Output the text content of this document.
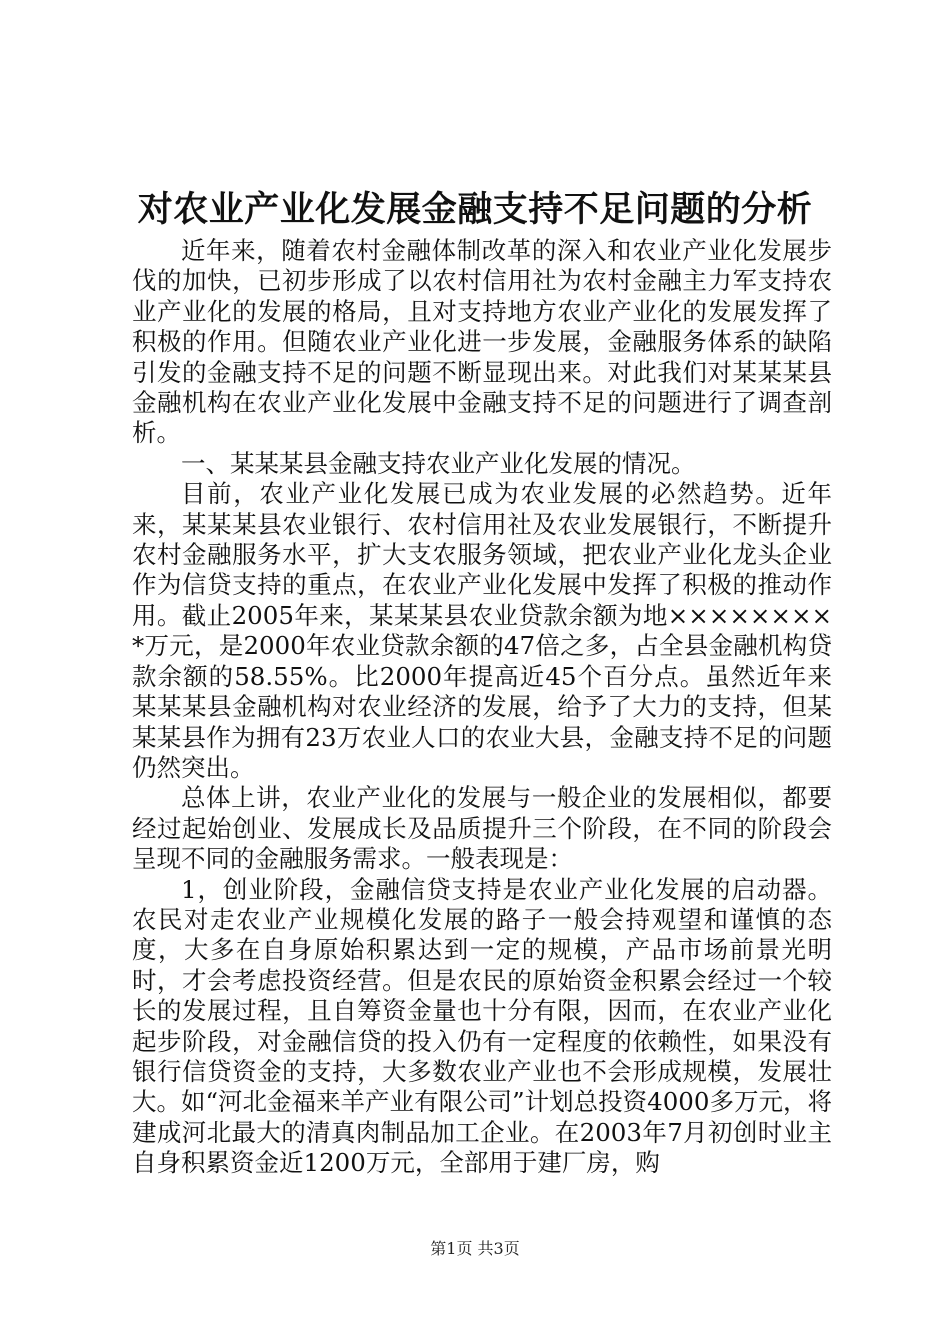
对农业产业化发展金融支持不足问题的分析

近年来，随着农村金融体制改革的深入和农业产业化发展步伐的加快，已初步形成了以农村信用社为农村金融主力军支持农业产业化的发展的格局，且对支持地方农业产业化的发展发挥了积极的作用。但随农业产业化进一步发展，金融服务体系的缺陷引发的金融支持不足的问题不断显现出来。对此我们对某某某县金融机构在农业产业化发展中金融支持不足的问题进行了调查剖析。

一、某某某县金融支持农业产业化发展的情况。

目前，农业产业化发展已成为农业发展的必然趋势。近年来，某某某县农业银行、农村信用社及农业发展银行，不断提升农村金融服务水平，扩大支农服务领域，把农业产业化龙头企业作为信贷支持的重点，在农业产业化发展中发挥了积极的推动作用。截止2005年来，某某某县农业贷款余额为地××××××××*万元，是2000年农业贷款余额的47倍之多，占全县金融机构贷款余额的58.55%。比2000年提高近45个百分点。虽然近年来某某某县金融机构对农业经济的发展，给予了大力的支持，但某某某县作为拥有23万农业人口的农业大县，金融支持不足的问题仍然突出。

总体上讲，农业产业化的发展与一般企业的发展相似，都要经过起始创业、发展成长及品质提升三个阶段，在不同的阶段会呈现不同的金融服务需求。一般表现是：

1，创业阶段，金融信贷支持是农业产业化发展的启动器。农民对走农业产业规模化发展的路子一般会持观望和谨慎的态度，大多在自身原始积累达到一定的规模，产品市场前景光明时，才会考虑投资经营。但是农民的原始资金积累会经过一个较长的发展过程，且自筹资金量也十分有限，因而，在农业产业化起步阶段，对金融信贷的投入仍有一定程度的依赖性，如果没有银行信贷资金的支持，大多数农业产业也不会形成规模，发展壮大。如“河北金福来羊产业有限公司”计划总投资4000多万元，将建成河北最大的清真肉制品加工企业。在2003年7月初创时业主自身积累资金近1200万元，全部用于建厂房，购

第1页 共3页
